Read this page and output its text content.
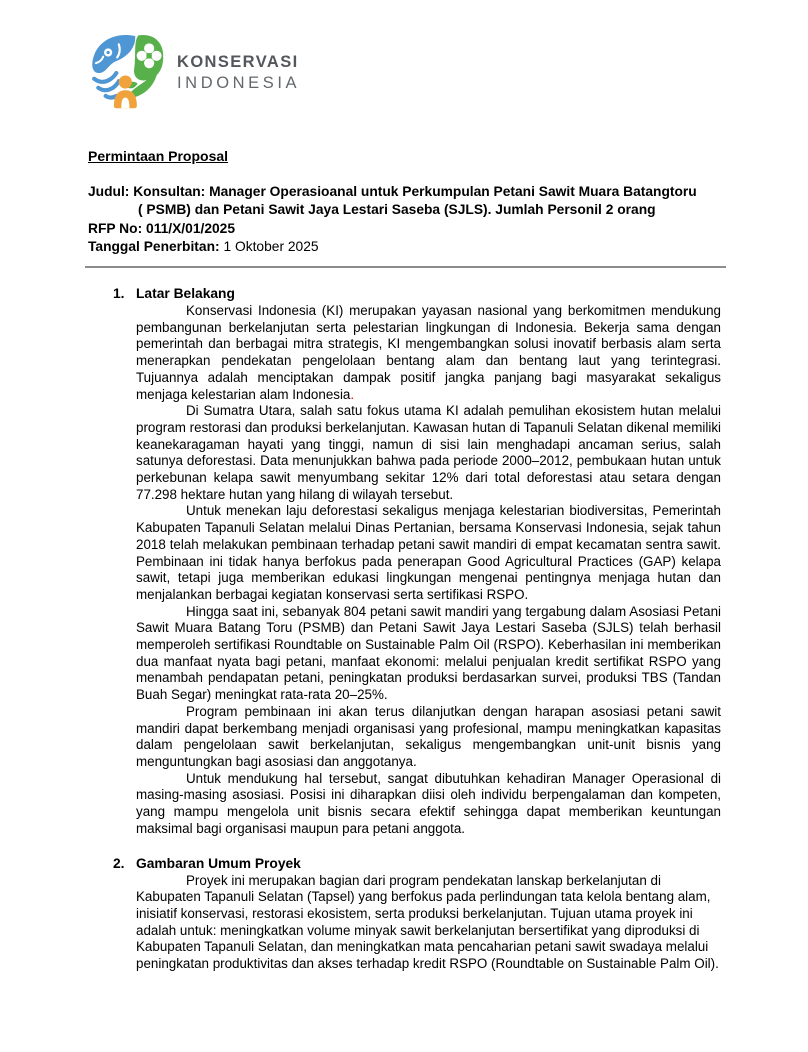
KONSERVASI
INDONESIA
Permintaan Proposal
Judul: Konsultan: Manager Operasioanal untuk Perkumpulan Petani Sawit Muara Batangtoru
( PSMB) dan Petani Sawit Jaya Lestari Saseba (SJLS). Jumlah Personil 2 orang
RFP No: 011/X/01/2025
Tanggal Penerbitan: 1 Oktober 2025
1. Latar Belakang

Konservasi Indonesia (KI) merupakan yayasan nasional yang berkomitmen mendukung pembangunan berkelanjutan serta pelestarian lingkungan di Indonesia. Bekerja sama dengan pemerintah dan berbagai mitra strategis, KI mengembangkan solusi inovatif berbasis alam serta menerapkan pendekatan pengelolaan bentang alam dan bentang laut yang terintegrasi. Tujuannya adalah menciptakan dampak positif jangka panjang bagi masyarakat sekaligus menjaga kelestarian alam Indonesia.

Di Sumatra Utara, salah satu fokus utama KI adalah pemulihan ekosistem hutan melalui program restorasi dan produksi berkelanjutan. Kawasan hutan di Tapanuli Selatan dikenal memiliki keanekaragaman hayati yang tinggi, namun di sisi lain menghadapi ancaman serius, salah satunya deforestasi. Data menunjukkan bahwa pada periode 2000–2012, pembukaan hutan untuk perkebunan kelapa sawit menyumbang sekitar 12% dari total deforestasi atau setara dengan 77.298 hektare hutan yang hilang di wilayah tersebut.

Untuk menekan laju deforestasi sekaligus menjaga kelestarian biodiversitas, Pemerintah Kabupaten Tapanuli Selatan melalui Dinas Pertanian, bersama Konservasi Indonesia, sejak tahun 2018 telah melakukan pembinaan terhadap petani sawit mandiri di empat kecamatan sentra sawit. Pembinaan ini tidak hanya berfokus pada penerapan Good Agricultural Practices (GAP) kelapa sawit, tetapi juga memberikan edukasi lingkungan mengenai pentingnya menjaga hutan dan menjalankan berbagai kegiatan konservasi serta sertifikasi RSPO.

Hingga saat ini, sebanyak 804 petani sawit mandiri yang tergabung dalam Asosiasi Petani Sawit Muara Batang Toru (PSMB) dan Petani Sawit Jaya Lestari Saseba (SJLS) telah berhasil memperoleh sertifikasi Roundtable on Sustainable Palm Oil (RSPO). Keberhasilan ini memberikan dua manfaat nyata bagi petani, manfaat ekonomi: melalui penjualan kredit sertifikat RSPO yang menambah pendapatan petani, peningkatan produksi berdasarkan survei, produksi TBS (Tandan Buah Segar) meningkat rata-rata 20–25%.

Program pembinaan ini akan terus dilanjutkan dengan harapan asosiasi petani sawit mandiri dapat berkembang menjadi organisasi yang profesional, mampu meningkatkan kapasitas dalam pengelolaan sawit berkelanjutan, sekaligus mengembangkan unit-unit bisnis yang menguntungkan bagi asosiasi dan anggotanya.

Untuk mendukung hal tersebut, sangat dibutuhkan kehadiran Manager Operasional di masing-masing asosiasi. Posisi ini diharapkan diisi oleh individu berpengalaman dan kompeten, yang mampu mengelola unit bisnis secara efektif sehingga dapat memberikan keuntungan maksimal bagi organisasi maupun para petani anggota.

2. Gambaran Umum Proyek

Proyek ini merupakan bagian dari program pendekatan lanskap berkelanjutan di Kabupaten Tapanuli Selatan (Tapsel) yang berfokus pada perlindungan tata kelola bentang alam, inisiatif konservasi, restorasi ekosistem, serta produksi berkelanjutan. Tujuan utama proyek ini adalah untuk: meningkatkan volume minyak sawit berkelanjutan bersertifikat yang diproduksi di Kabupaten Tapanuli Selatan, dan meningkatkan mata pencaharian petani sawit swadaya melalui peningkatan produktivitas dan akses terhadap kredit RSPO (Roundtable on Sustainable Palm Oil).
